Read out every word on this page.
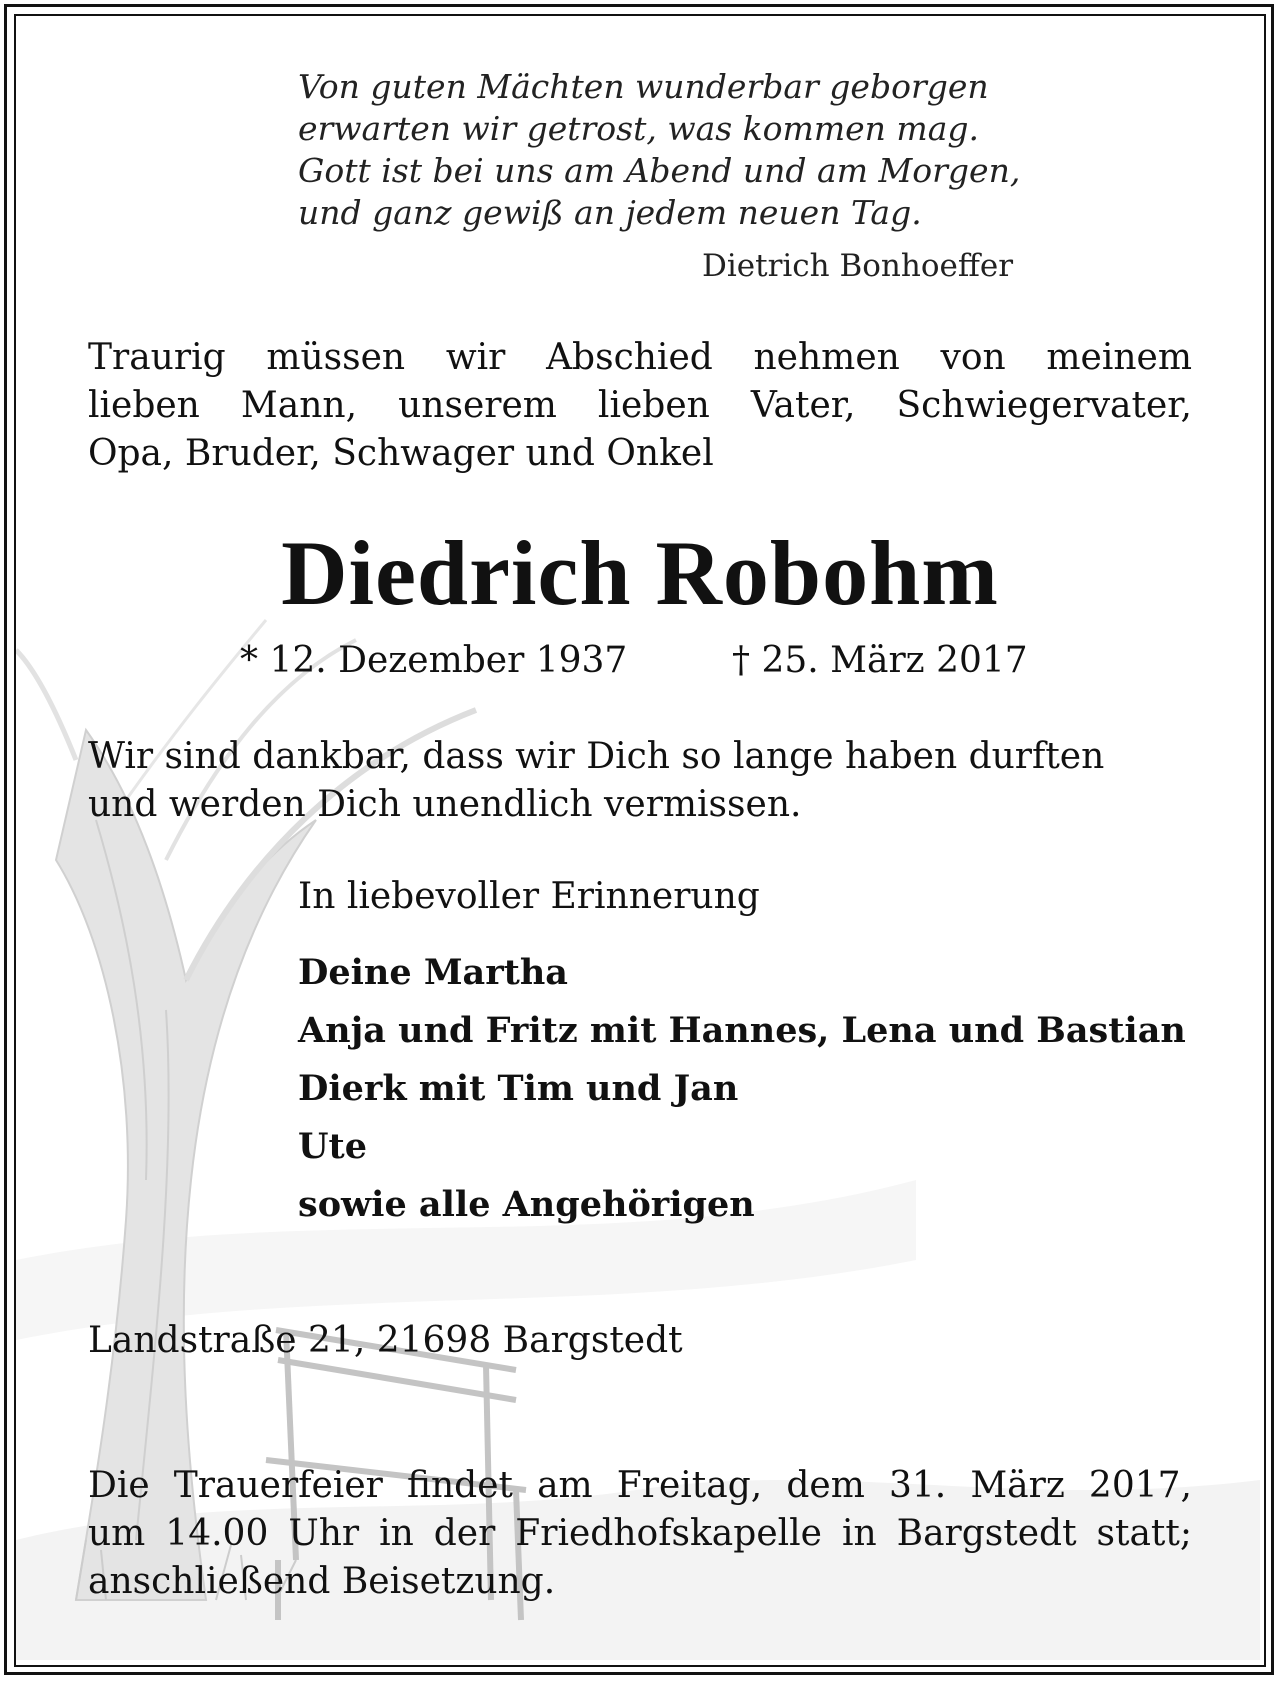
Von guten Mächten wunderbar geborgen
erwarten wir getrost, was kommen mag.
Gott ist bei uns am Abend und am Morgen,
und ganz gewiß an jedem neuen Tag.

Dietrich Bonhoeffer

Traurig müssen wir Abschied nehmen von meinem
lieben Mann, unserem lieben Vater, Schwiegervater,
Opa, Bruder, Schwager und Onkel
Diedrich Robohm

* 12. Dezember 1937	† 25. März 2017

Wir sind dankbar, dass wir Dich so lange haben durften
und werden Dich unendlich vermissen.

In liebevoller Erinnerung

Deine Martha
Anja und Fritz mit Hannes, Lena und Bastian
Dierk mit Tim und Jan
Ute
sowie alle Angehörigen

Landstraße 21, 21698 Bargstedt

Die Trauerfeier findet am Freitag, dem 31. März 2017,
um 14.00 Uhr in der Friedhofskapelle in Bargstedt statt;
anschließend Beisetzung.
